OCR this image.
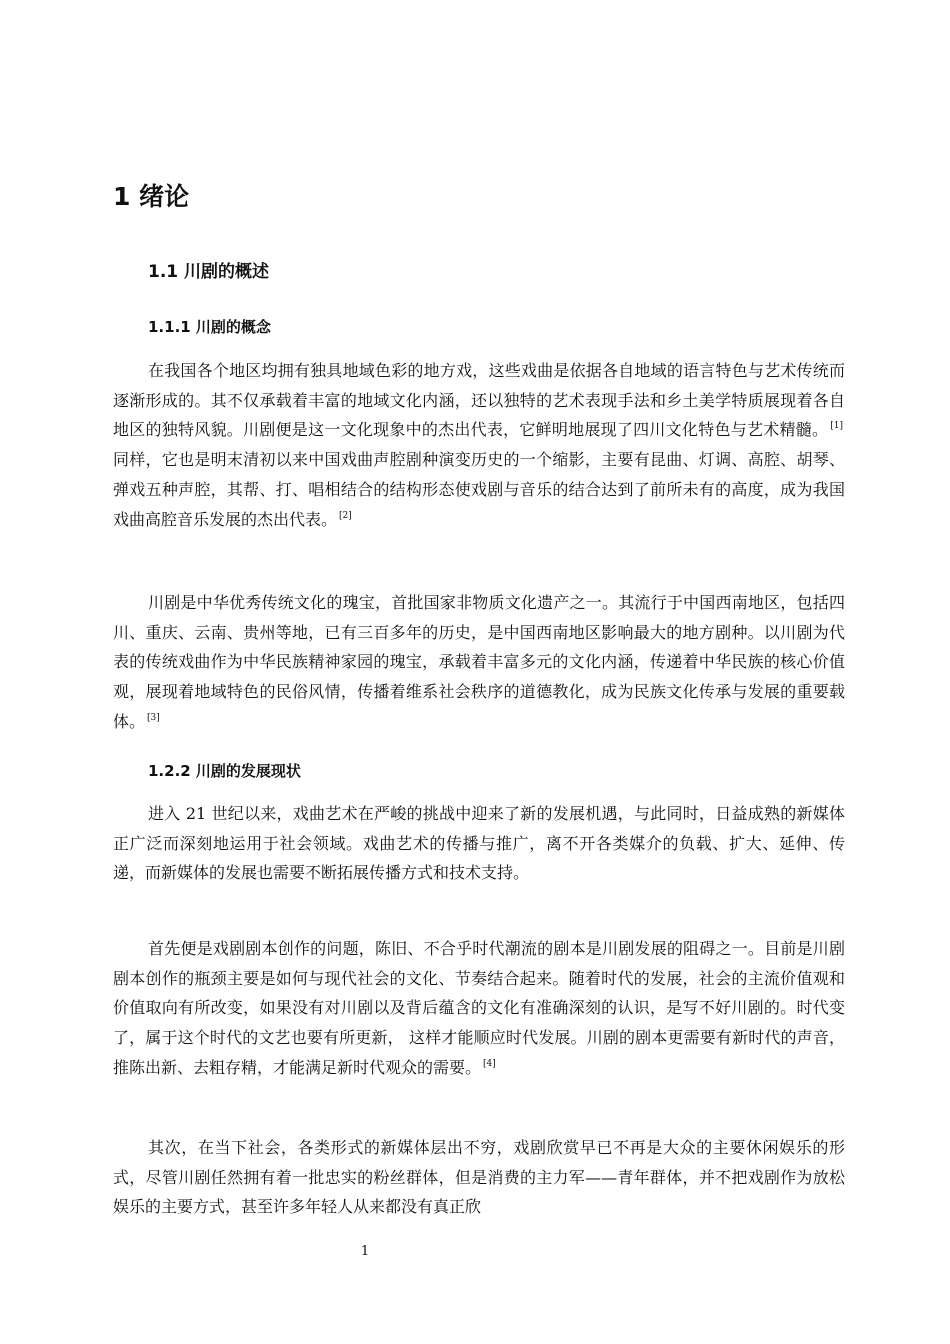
1 绪论
1.1 川剧的概述
1.1.1 川剧的概念

在我国各个地区均拥有独具地域色彩的地方戏，这些戏曲是依据各自地域的语言特色与艺术传统而逐渐形成的。其不仅承载着丰富的地域文化内涵，还以独特的艺术表现手法和乡土美学特质展现着各自地区的独特风貌。川剧便是这一文化现象中的杰出代表，它鲜明地展现了四川文化特色与艺术精髓。 [1] 同样，它也是明末清初以来中国戏曲声腔剧种演变历史的一个缩影，主要有昆曲、灯调、高腔、胡琴、弹戏五种声腔，其帮、打、唱相结合的结构形态使戏剧与音乐的结合达到了前所未有的高度，成为我国戏曲高腔音乐发展的杰出代表。 [2]

川剧是中华优秀传统文化的瑰宝，首批国家非物质文化遗产之一。其流行于中国西南地区，包括四川、重庆、云南、贵州等地，已有三百多年的历史，是中国西南地区影响最大的地方剧种。以川剧为代表的传统戏曲作为中华民族精神家园的瑰宝，承载着丰富多元的文化内涵，传递着中华民族的核心价值观，展现着地域特色的民俗风情，传播着维系社会秩序的道德教化，成为民族文化传承与发展的重要载体。 [3]

1.2.2 川剧的发展现状

进入 21 世纪以来，戏曲艺术在严峻的挑战中迎来了新的发展机遇，与此同时，日益成熟的新媒体正广泛而深刻地运用于社会领域。戏曲艺术的传播与推广，离不开各类媒介的负载、扩大、延伸、传递，而新媒体的发展也需要不断拓展传播方式和技术支持。

首先便是戏剧剧本创作的问题，陈旧、不合乎时代潮流的剧本是川剧发展的阻碍之一。目前是川剧剧本创作的瓶颈主要是如何与现代社会的文化、节奏结合起来。随着时代的发展，社会的主流价值观和价值取向有所改变，如果没有对川剧以及背后蕴含的文化有准确深刻的认识，是写不好川剧的。时代变了，属于这个时代的文艺也要有所更新， 这样才能顺应时代发展。川剧的剧本更需要有新时代的声音，推陈出新、去粗存精，才能满足新时代观众的需要。 [4]

其次，在当下社会，各类形式的新媒体层出不穷，戏剧欣赏早已不再是大众的主要休闲娱乐的形式，尽管川剧任然拥有着一批忠实的粉丝群体，但是消费的主力军——青年群体，并不把戏剧作为放松娱乐的主要方式，甚至许多年轻人从来都没有真正欣

1
